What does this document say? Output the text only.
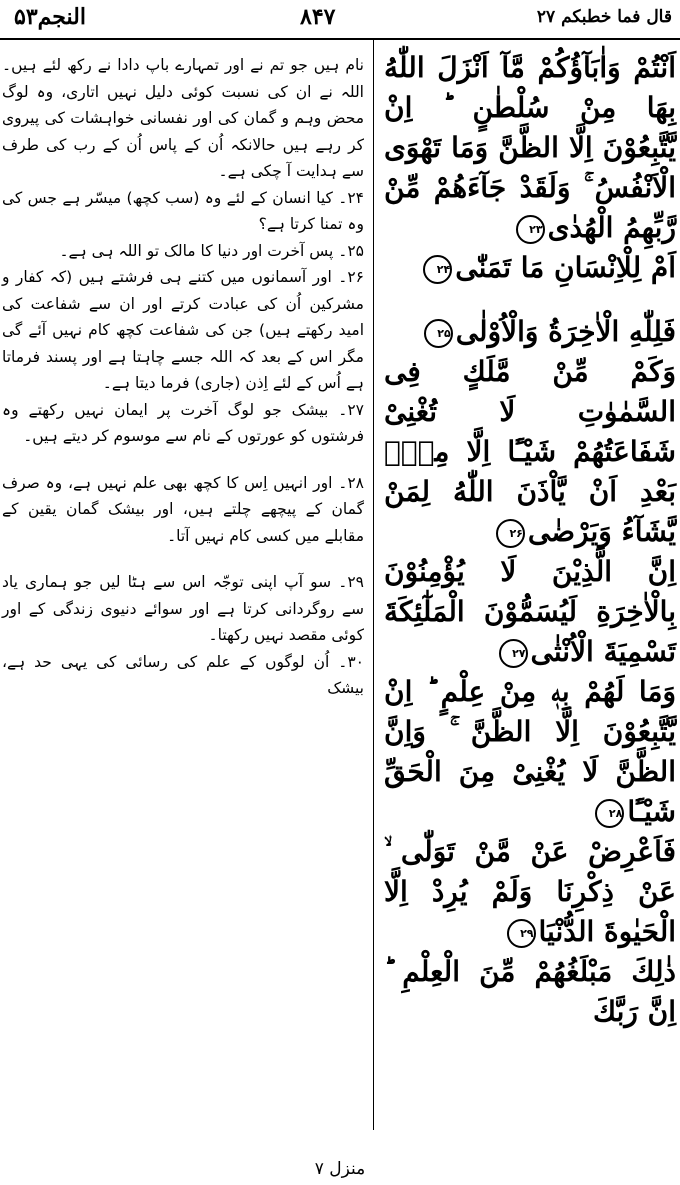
النجم۵۳	۸۴۷	قال فما خطبکم ۲۷

اَنْتُمْ وَاٰبَآؤُكُمْ مَّآ اَنْزَلَ اللّٰهُ بِهَا مِنْ سُلْطٰنٍ ؕ اِنْ يَّتَّبِعُوْنَ اِلَّا الظَّنَّ وَمَا تَهْوَى الْاَنْفُسُ ۚ وَلَقَدْ جَآءَهُمْ مِّنْ رَّبِّهِمُ الْهُدٰى۲۳

اَمْ لِلْاِنْسَانِ مَا تَمَنّٰى۲۴

فَلِلّٰهِ الْاٰخِرَةُ وَالْاُوْلٰى۲۵

وَكَمْ مِّنْ مَّلَكٍ فِى السَّمٰوٰتِ لَا تُغْنِىْ شَفَاعَتُهُمْ شَيْـًٔا اِلَّا مِنْۢ بَعْدِ اَنْ يَّاْذَنَ اللّٰهُ لِمَنْ يَّشَآءُ وَيَرْضٰى۲۶

اِنَّ الَّذِيْنَ لَا يُؤْمِنُوْنَ بِالْاٰخِرَةِ لَيُسَمُّوْنَ الْمَلٰٓئِكَةَ تَسْمِيَةَ الْاُنْثٰى۲۷

وَمَا لَهُمْ بِهٖ مِنْ عِلْمٍ ؕ اِنْ يَّتَّبِعُوْنَ اِلَّا الظَّنَّ ۚ وَاِنَّ الظَّنَّ لَا يُغْنِىْ مِنَ الْحَقِّ شَيْـًٔا۲۸

فَاَعْرِضْ عَنْ مَّنْ تَوَلّٰى ۙ عَنْ ذِكْرِنَا وَلَمْ يُرِدْ اِلَّا الْحَيٰوةَ الدُّنْيَا۲۹

ذٰلِكَ مَبْلَغُهُمْ مِّنَ الْعِلْمِ ؕ اِنَّ رَبَّكَ

نام ہیں جو تم نے اور تمہارے باپ دادا نے رکھ لئے ہیں۔ اللہ نے ان کی نسبت کوئی دلیل نہیں اتاری، وہ لوگ محض وہم و گمان کی اور نفسانی خواہشات کی پیروی کر رہے ہیں حالانکہ اُن کے پاس اُن کے رب کی طرف سے ہدایت آ چکی ہے۔

۲۴۔ کیا انسان کے لئے وہ (سب کچھ) میسّر ہے جس کی وہ تمنا کرتا ہے؟

۲۵۔ پس آخرت اور دنیا کا مالک تو اللہ ہی ہے۔

۲۶۔ اور آسمانوں میں کتنے ہی فرشتے ہیں (کہ کفار و مشرکین اُن کی عبادت کرتے اور ان سے شفاعت کی امید رکھتے ہیں) جن کی شفاعت کچھ کام نہیں آئے گی مگر اس کے بعد کہ اللہ جسے چاہتا ہے اور پسند فرماتا ہے اُس کے لئے اِذن (جاری) فرما دیتا ہے۔

۲۷۔ بیشک جو لوگ آخرت پر ایمان نہیں رکھتے وہ فرشتوں کو عورتوں کے نام سے موسوم کر دیتے ہیں۔

۲۸۔ اور انہیں اِس کا کچھ بھی علم نہیں ہے، وہ صرف گمان کے پیچھے چلتے ہیں، اور بیشک گمان یقین کے مقابلے میں کسی کام نہیں آتا۔

۲۹۔ سو آپ اپنی توجّہ اس سے ہٹا لیں جو ہماری یاد سے روگردانی کرتا ہے اور سوائے دنیوی زندگی کے اور کوئی مقصد نہیں رکھتا۔

۳۰۔ اُن لوگوں کے علم کی رسائی کی یہی حد ہے، بیشک

منزل ۷
